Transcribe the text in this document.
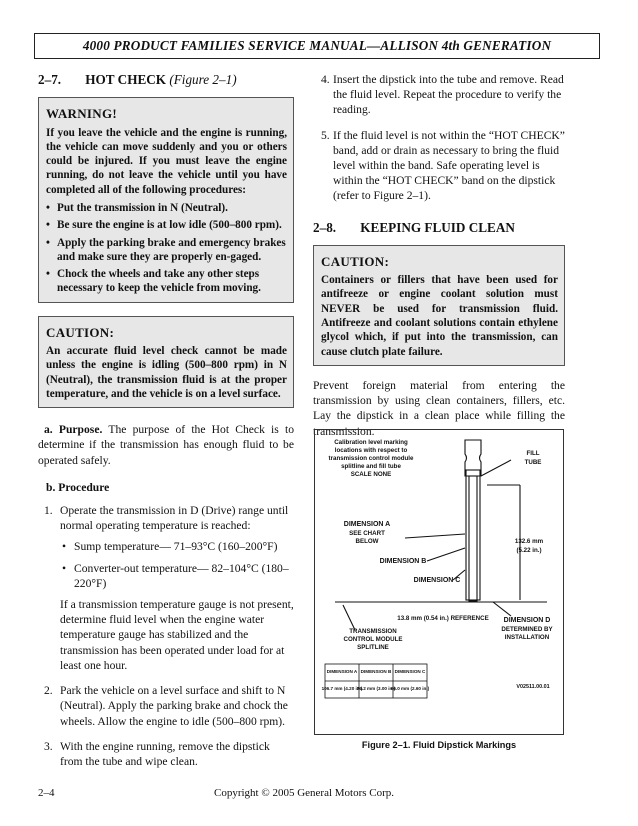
4000 PRODUCT FAMILIES SERVICE MANUAL—ALLISON 4th GENERATION
2–7. HOT CHECK (Figure 2–1)
WARNING!
If you leave the vehicle and the engine is running, the vehicle can move suddenly and you or others could be injured. If you must leave the engine running, do not leave the vehicle until you have completed all of the following procedures:
• Put the transmission in N (Neutral).
• Be sure the engine is at low idle (500–800 rpm).
• Apply the parking brake and emergency brakes and make sure they are properly en-gaged.
• Chock the wheels and take any other steps necessary to keep the vehicle from moving.
CAUTION:
An accurate fluid level check cannot be made unless the engine is idling (500–800 rpm) in N (Neutral), the transmission fluid is at the proper temperature, and the vehicle is on a level surface.

a. Purpose. The purpose of the Hot Check is to determine if the transmission has enough fluid to be operated safely.

b. Procedure
1. Operate the transmission in D (Drive) range until normal operating temperature is reached:
• Sump temperature— 71–93°C (160–200°F)
• Converter-out temperature— 82–104°C (180–220°F)
If a transmission temperature gauge is not present, determine fluid level when the engine water temperature gauge has stabilized and the transmission has been operated under load for at least one hour.
2. Park the vehicle on a level surface and shift to N (Neutral). Apply the parking brake and chock the wheels. Allow the engine to idle (500–800 rpm).
3. With the engine running, remove the dipstick from the tube and wipe clean.
4. Insert the dipstick into the tube and remove. Read the fluid level. Repeat the procedure to verify the reading.
5. If the fluid level is not within the “HOT CHECK” band, add or drain as necessary to bring the fluid level within the band. Safe operating level is within the “HOT CHECK” band on the dipstick (refer to Figure 2–1).
2–8. KEEPING FLUID CLEAN
CAUTION:
Containers or fillers that have been used for antifreeze or engine coolant solution must NEVER be used for transmission fluid. Antifreeze and coolant solutions contain ethylene glycol which, if put into the transmission, can cause clutch plate failure.

Prevent foreign material from entering the transmission by using clean containers, fillers, etc. Lay the dipstick in a clean place while filling the transmission.

Calibration level marking
locations with respect to
transmission control module
splitline and fill tube
SCALE NONE
FILL
TUBE
DIMENSION A
SEE CHART
BELOW
DIMENSION B
DIMENSION C
132.6 mm
(5.22 in.)
13.8 mm (0.54 in.) REFERENCE DIMENSION D
DETERMINED BY
INSTALLATION
TRANSMISSION
CONTROL MODULE
SPLITLINE
DIMENSION A DIMENSION B DIMENSION C
106.7 mm (4.20 in.)
76.2 mm (3.00 in.)
66.0 mm (2.60 in.)	V02511.00.01
Figure 2–1. Fluid Dipstick Markings
2–4	Copyright © 2005 General Motors Corp.
